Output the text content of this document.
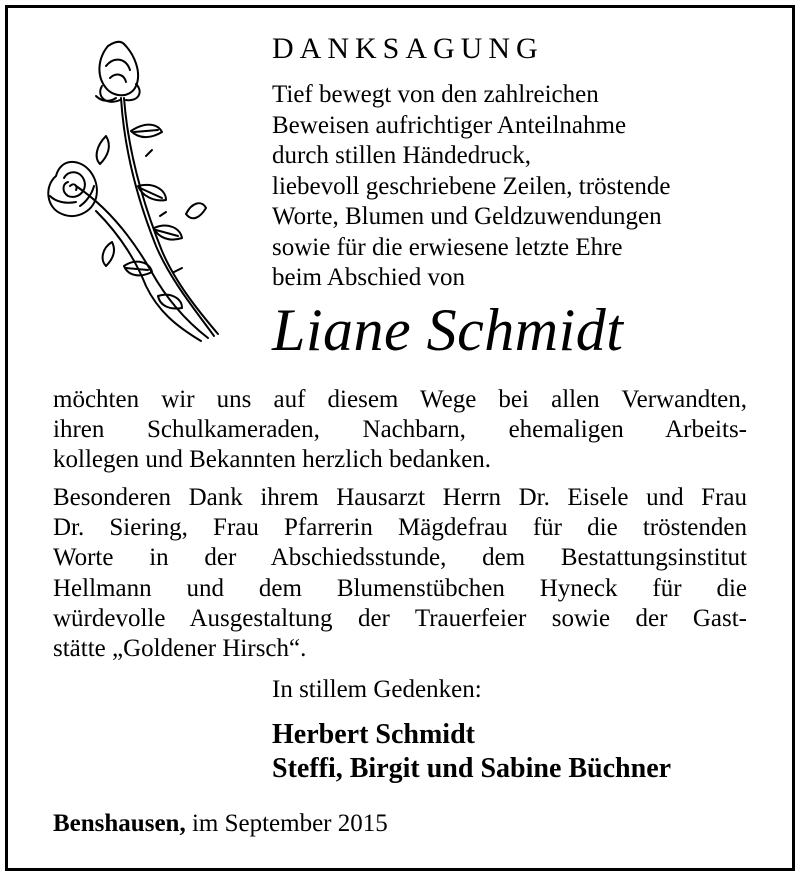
DANKSAGUNG
Tief bewegt von den zahlreichen
Beweisen aufrichtiger Anteilnahme
durch stillen Händedruck,
liebevoll geschriebene Zeilen, tröstende
Worte, Blumen und Geldzuwendungen
sowie für die erwiesene letzte Ehre
beim Abschied von
Liane Schmidt
möchten wir uns auf diesem Wege bei allen Verwandten,
ihren Schulkameraden, Nachbarn, ehemaligen Arbeits-
kollegen und Bekannten herzlich bedanken.
Besonderen Dank ihrem Hausarzt Herrn Dr. Eisele und Frau
Dr. Siering, Frau Pfarrerin Mägdefrau für die tröstenden
Worte in der Abschiedsstunde, dem Bestattungsinstitut
Hellmann und dem Blumenstübchen Hyneck für die
würdevolle Ausgestaltung der Trauerfeier sowie der Gast-
stätte „Goldener Hirsch“.
In stillem Gedenken:
Herbert Schmidt
Steffi, Birgit und Sabine Büchner
Benshausen, im September 2015
